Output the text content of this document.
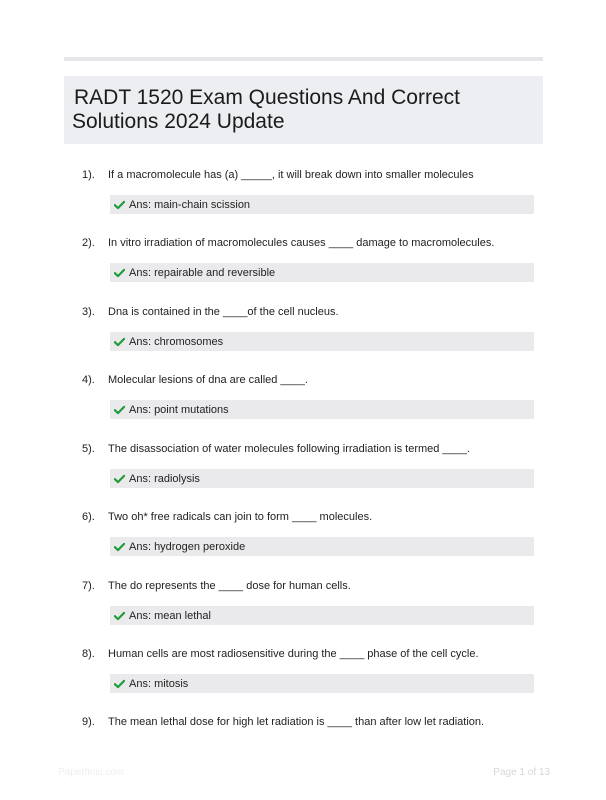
RADT 1520 Exam Questions And Correct
Solutions 2024 Update
1). If a macromolecule has (a) _____, it will break down into smaller molecules
Ans: main-chain scission
2). In vitro irradiation of macromolecules causes ____ damage to macromolecules.
Ans: repairable and reversible
3). Dna is contained in the ____of the cell nucleus.
Ans: chromosomes
4). Molecular lesions of dna are called ____.
Ans: point mutations
5). The disassociation of water molecules following irradiation is termed ____.
Ans: radiolysis
6). Two oh* free radicals can join to form ____ molecules.
Ans: hydrogen peroxide
7). The do represents the ____ dose for human cells.
Ans: mean lethal
8). Human cells are most radiosensitive during the ____ phase of the cell cycle.
Ans: mitosis
9). The mean lethal dose for high let radiation is ____ than after low let radiation.
Paperfinic.com	Page 1 of 13
